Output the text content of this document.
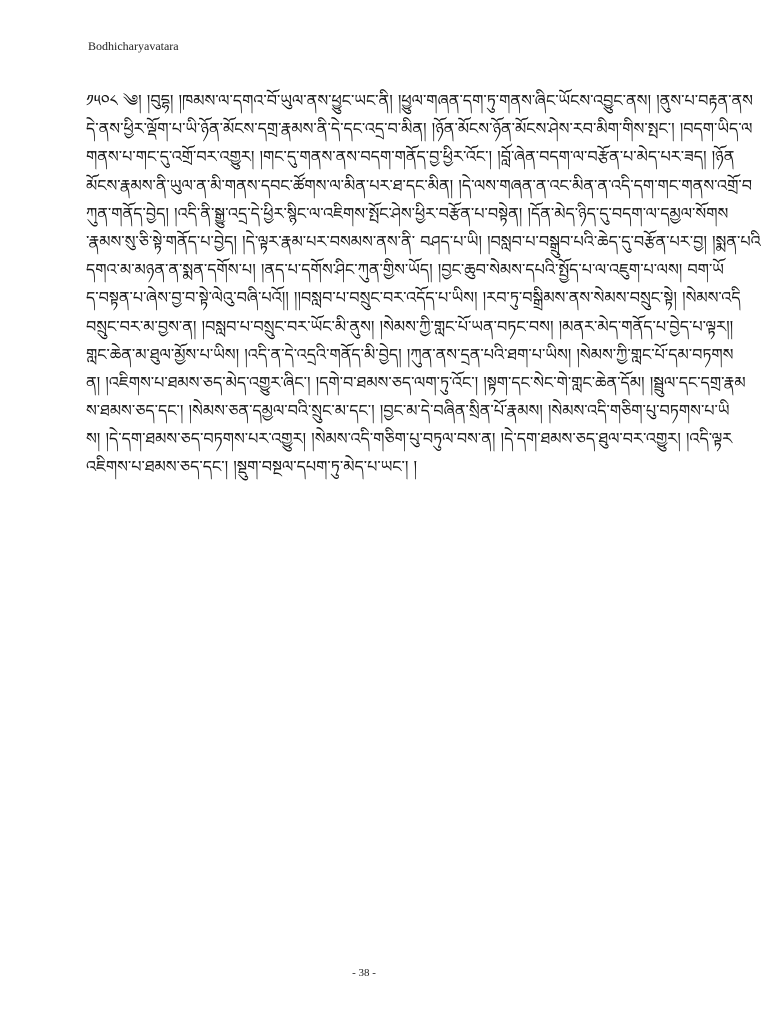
Bodhicharyavatara
༡༥༠༨ ༄། །བུདྷ། །ཁམས་ལ་དགའ་བོ་ཡུལ་ནས་ཕྱུང་ཡང་ནི། །ཕྱུལ་གཞན་དག་ཏུ་གནས་ཞིང་ཡོངས་འབྱུང་ནས། །ནུས་པ་བརྟན་ནས
དེ་ནས་ཕྱིར་ལྡོག་པ་ཡི་ཉོན་མོངས་དགྲ་རྣམས་ནི་དེ་དང་འདྲ་བ་མིན། །ཉོན་མོངས་ཉོན་མོངས་ཤེས་རབ་མིག་གིས་སྤང་། །བདག་ཡིད་ལ
གནས་པ་གང་དུ་འགྲོ་བར་འགྱུར། །གང་དུ་གནས་ནས་བདག་གནོད་བྱ་ཕྱིར་འོང་། །བློ་ཞེན་བདག་ལ་བརྩོན་པ་མེད་པར་ཟད། །ཉོན
མོངས་རྣམས་ནི་ཡུལ་ན་མི་གནས་དབང་ཚོགས་ལ་མིན་པར་ཐ་དང་མིན། །དེ་ལས་གཞན་ན་འང་མིན་ན་འདི་དག་གང་གནས་འགྲོ་བ
ཀུན་གནོད་བྱེད། །འདི་ནི་སྒྱུ་འདྲ་དེ་ཕྱིར་སྙིང་ལ་འཇིགས་སྤོང་ཤེས་ཕྱིར་བརྩོན་པ་བསྟེན། །དོན་མེད་ཉིད་དུ་བདག་ལ་དམྱལ་སོགས
་རྣམས་སུ་ཅི་སྟེ་གནོད་པ་བྱེད། །དེ་ལྟར་རྣམ་པར་བསམས་ནས་ནི་ བཤད་པ་ཡི། །བསླབ་པ་བསྒྲུབ་པའི་ཆེད་དུ་བརྩོན་པར་བྱ། །སྨན་པའི
དགའ་མ་མཉན་ན་སྨན་དགོས་པ། །ནད་པ་དགོས་ཤིང་ཀུན་གྱིས་ཡོད། །བྱང་ཆུབ་སེམས་དཔའི་སྤྱོད་པ་ལ་འཇུག་པ་ལས། བག་ཡོ
ད་བསྟན་པ་ཞེས་བྱ་བ་སྟེ་ལེའུ་བཞི་པའོ།། །།བསླབ་པ་བསྲུང་བར་འདོད་པ་ཡིས། །རབ་ཏུ་བསྒྲིམས་ནས་སེམས་བསྲུང་སྟེ། །སེམས་འདི
བསྲུང་བར་མ་བྱས་ན། །བསླབ་པ་བསྲུང་བར་ཡོང་མི་ནུས། །སེམས་ཀྱི་གླང་པོ་ཡན་བཏང་བས། །མནར་མེད་གནོད་པ་བྱེད་པ་ལྟར།།
གླང་ཆེན་མ་ཐུལ་མྱོས་པ་ཡིས། །འདི་ན་དེ་འདྲའི་གནོད་མི་བྱེད། །ཀུན་ནས་དྲན་པའི་ཐག་པ་ཡིས། །སེམས་ཀྱི་གླང་པོ་དམ་བཏགས
ན། །འཇིགས་པ་ཐམས་ཅད་མེད་འགྱུར་ཞིང་། །དགེ་བ་ཐམས་ཅད་ལག་ཏུ་འོང་། །སྟག་དང་སེང་གེ་གླང་ཆེན་དོམ། །སྦྲུལ་དང་དགྲ་རྣམ
ས་ཐམས་ཅད་དང་། །སེམས་ཅན་དམྱལ་བའི་སྲུང་མ་དང་། །བྱང་མ་དེ་བཞིན་སྲིན་པོ་རྣམས། །སེམས་འདི་གཅིག་པུ་བཏགས་པ་ཡི
ས། །དེ་དག་ཐམས་ཅད་བཏགས་པར་འགྱུར། །སེམས་འདི་གཅིག་པུ་བཏུལ་བས་ན། །དེ་དག་ཐམས་ཅད་ཐུལ་བར་འགྱུར། །འདི་ལྟར
འཇིགས་པ་ཐམས་ཅད་དང་། །སྡུག་བསྔལ་དཔག་ཏུ་མེད་པ་ཡང་། །
- 38 -
